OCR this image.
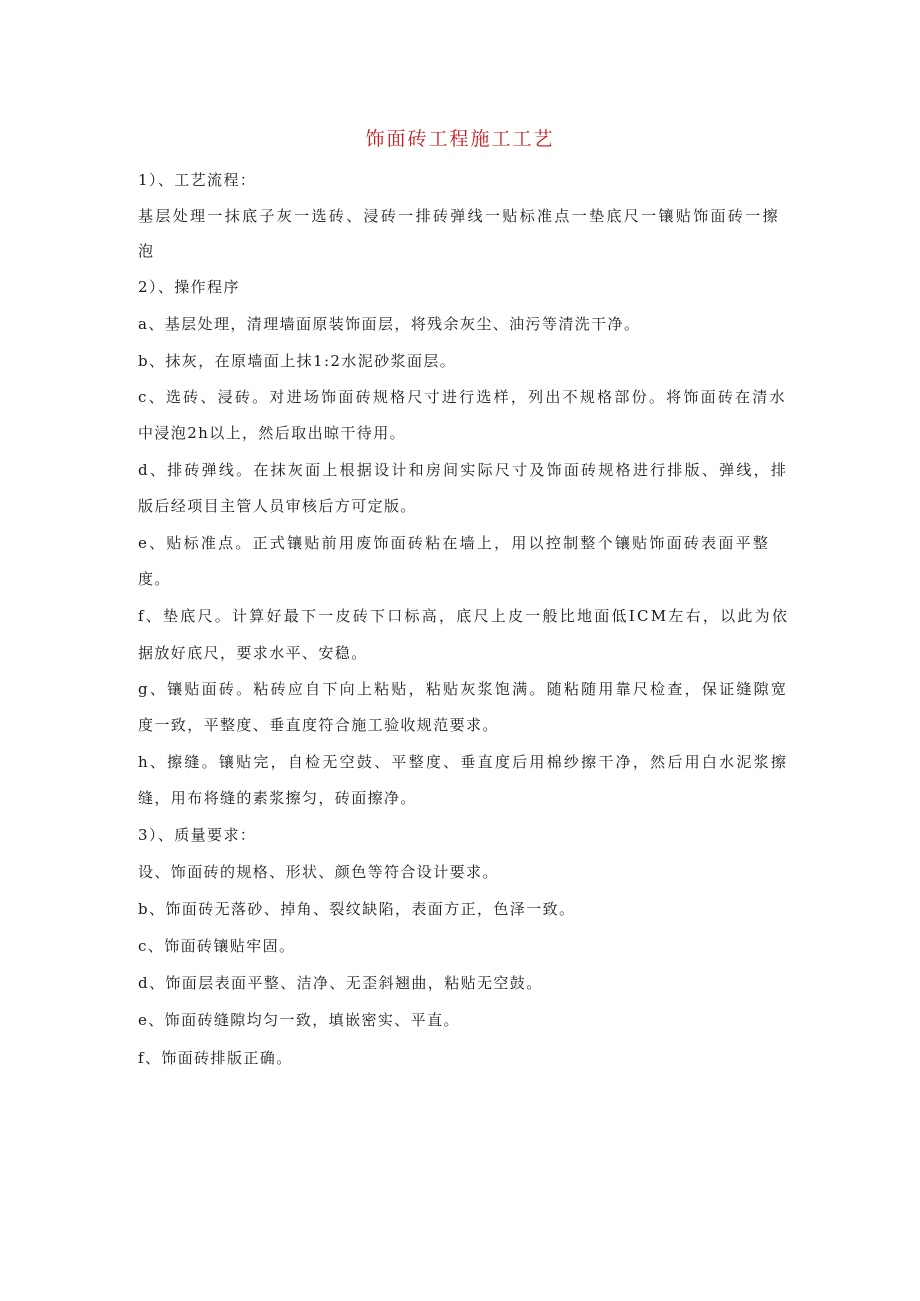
饰面砖工程施工工艺
1）、工艺流程：
基层处理一抹底子灰一选砖、浸砖一排砖弹线一贴标准点一垫底尺一镶贴饰面砖一擦
泡
2）、操作程序
a、基层处理，清理墙面原装饰面层，将残余灰尘、油污等清洗干净。
b、抹灰，在原墙面上抹1:2水泥砂浆面层。
c、选砖、浸砖。对进场饰面砖规格尺寸进行选样，列出不规格部份。将饰面砖在清水
中浸泡2h以上，然后取出晾干待用。
d、排砖弹线。在抹灰面上根据设计和房间实际尺寸及饰面砖规格进行排版、弹线，排
版后经项目主管人员审核后方可定版。
e、贴标准点。正式镶贴前用废饰面砖粘在墙上，用以控制整个镶贴饰面砖表面平整
度。
f、垫底尺。计算好最下一皮砖下口标高，底尺上皮一般比地面低ICM左右，以此为依
据放好底尺，要求水平、安稳。
g、镶贴面砖。粘砖应自下向上粘贴，粘贴灰浆饱满。随粘随用靠尺检查，保证缝隙宽
度一致，平整度、垂直度符合施工验收规范要求。
h、擦缝。镶贴完，自检无空鼓、平整度、垂直度后用棉纱擦干净，然后用白水泥浆擦
缝，用布将缝的素浆擦匀，砖面擦净。
3）、质量要求：
设、饰面砖的规格、形状、颜色等符合设计要求。
b、饰面砖无落砂、掉角、裂纹缺陷，表面方正，色泽一致。
c、饰面砖镶贴牢固。
d、饰面层表面平整、洁净、无歪斜翘曲，粘贴无空鼓。
e、饰面砖缝隙均匀一致，填嵌密实、平直。
f、饰面砖排版正确。
